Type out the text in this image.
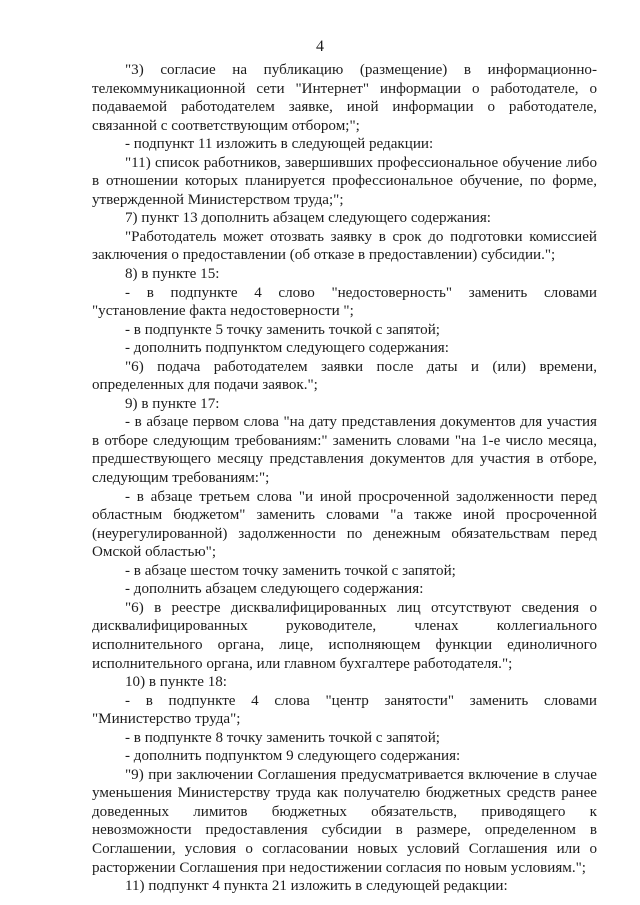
4

"3) согласие на публикацию (размещение) в информационно-телекоммуникационной сети "Интернет" информации о работодателе, о подаваемой работодателем заявке, иной информации о работодателе, связанной с соответствующим отбором;";

- подпункт 11 изложить в следующей редакции:

"11) список работников, завершивших профессиональное обучение либо в отношении которых планируется профессиональное обучение, по форме, утвержденной Министерством труда;";

7) пункт 13 дополнить абзацем следующего содержания:

"Работодатель может отозвать заявку в срок до подготовки комиссией заключения о предоставлении (об отказе в предоставлении) субсидии.";

8) в пункте 15:

- в подпункте 4 слово "недостоверность" заменить словами "установление факта недостоверности ";

- в подпункте 5 точку заменить точкой с запятой;

- дополнить подпунктом следующего содержания:

"6) подача работодателем заявки после даты и (или) времени, определенных для подачи заявок.";

9) в пункте 17:

- в абзаце первом слова "на дату представления документов для участия в отборе следующим требованиям:" заменить словами "на 1-е число месяца, предшествующего месяцу представления документов для участия в отборе, следующим требованиям:";

- в абзаце третьем слова "и иной просроченной задолженности перед областным бюджетом" заменить словами "а также иной просроченной (неурегулированной) задолженности по денежным обязательствам перед Омской областью";

- в абзаце шестом точку заменить точкой с запятой;

- дополнить абзацем следующего содержания:

"6) в реестре дисквалифицированных лиц отсутствуют сведения о дисквалифицированных руководителе, членах коллегиального исполнительного органа, лице, исполняющем функции единоличного исполнительного органа, или главном бухгалтере работодателя.";

10) в пункте 18:

- в подпункте 4 слова "центр занятости" заменить словами "Министерство труда";

- в подпункте 8 точку заменить точкой с запятой;

- дополнить подпунктом 9 следующего содержания:

"9) при заключении Соглашения предусматривается включение в случае уменьшения Министерству труда как получателю бюджетных средств ранее доведенных лимитов бюджетных обязательств, приводящего к невозможности предоставления субсидии в размере, определенном в Соглашении, условия о согласовании новых условий Соглашения или о расторжении Соглашения при недостижении согласия по новым условиям.";

11) подпункт 4 пункта 21 изложить в следующей редакции:
